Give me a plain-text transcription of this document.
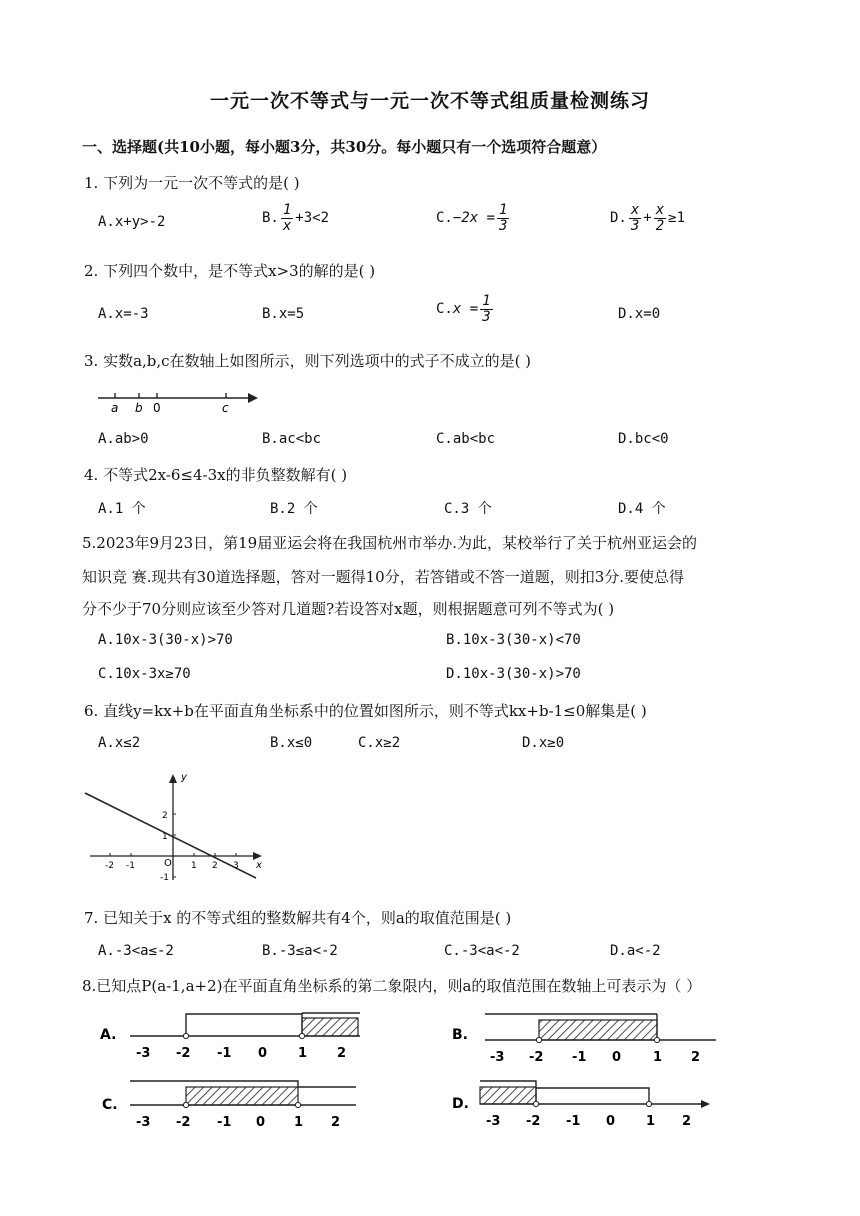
一元一次不等式与一元一次不等式组质量检测练习
一、选择题(共10小题，每小题3分，共30分。每小题只有一个选项符合题意）
1. 下列为一元一次不等式的是( )
A.x+y>-2	B. $\frac{1}{x} +3<2$	$C.-2x = \frac{1}{3}$	D. $\frac{x}{3} + \frac{x}{2} \ge 1$
2. 下列四个数中，是不等式x>3的解的是( )
A.x=-3	B.x=5	$C.x = \frac{1}{3}$	D.x=0
3. 实数a,b,c在数轴上如图所示，则下列选项中的式子不成立的是( )
a b 0	c
A.ab>0	B.ac<bc	C.ab<bc	D.bc<0
4. 不等式2x-6≤4-3x的非负整数解有( )
A.1 个	B.2 个	C.3 个	D.4 个
5.2023年9月23日，第19届亚运会将在我国杭州市举办.为此，某校举行了关于杭州亚运会的
知识竞 赛.现共有30道选择题，答对一题得10分，若答错或不答一道题，则扣3分.要使总得
分不少于70分则应该至少答对几道题?若设答对x题，则根据题意可列不等式为( )
A.10x-3(30-x)>70	B.10x-3(30-x)<70
C.10x-3x≥70	D.10x-3(30-x)>70
6. 直线y=kx+b在平面直角坐标系中的位置如图所示，则不等式kx+b-1≤0解集是( )
A.x≤2	B.x≤0	C.x≥2	D.x≥0
y
x
O
-2 -1	1 2 3
2
1
-1
7. 已知关于x 的不等式组的整数解共有4个，则a的取值范围是( )
A.-3<a≤-2	B.-3≤a<-2	C.-3<a<-2	D.a<-2
8.已知点P(a-1,a+2)在平面直角坐标系的第二象限内，则a的取值范围在数轴上可表示为（ ）
A.
-3 -2 -1 0 1 2
B.
-3 -2 -1 0 1 2
C.
-3 -2 -1 0 1 2
D.
-3 -2 -1 0 1 2
